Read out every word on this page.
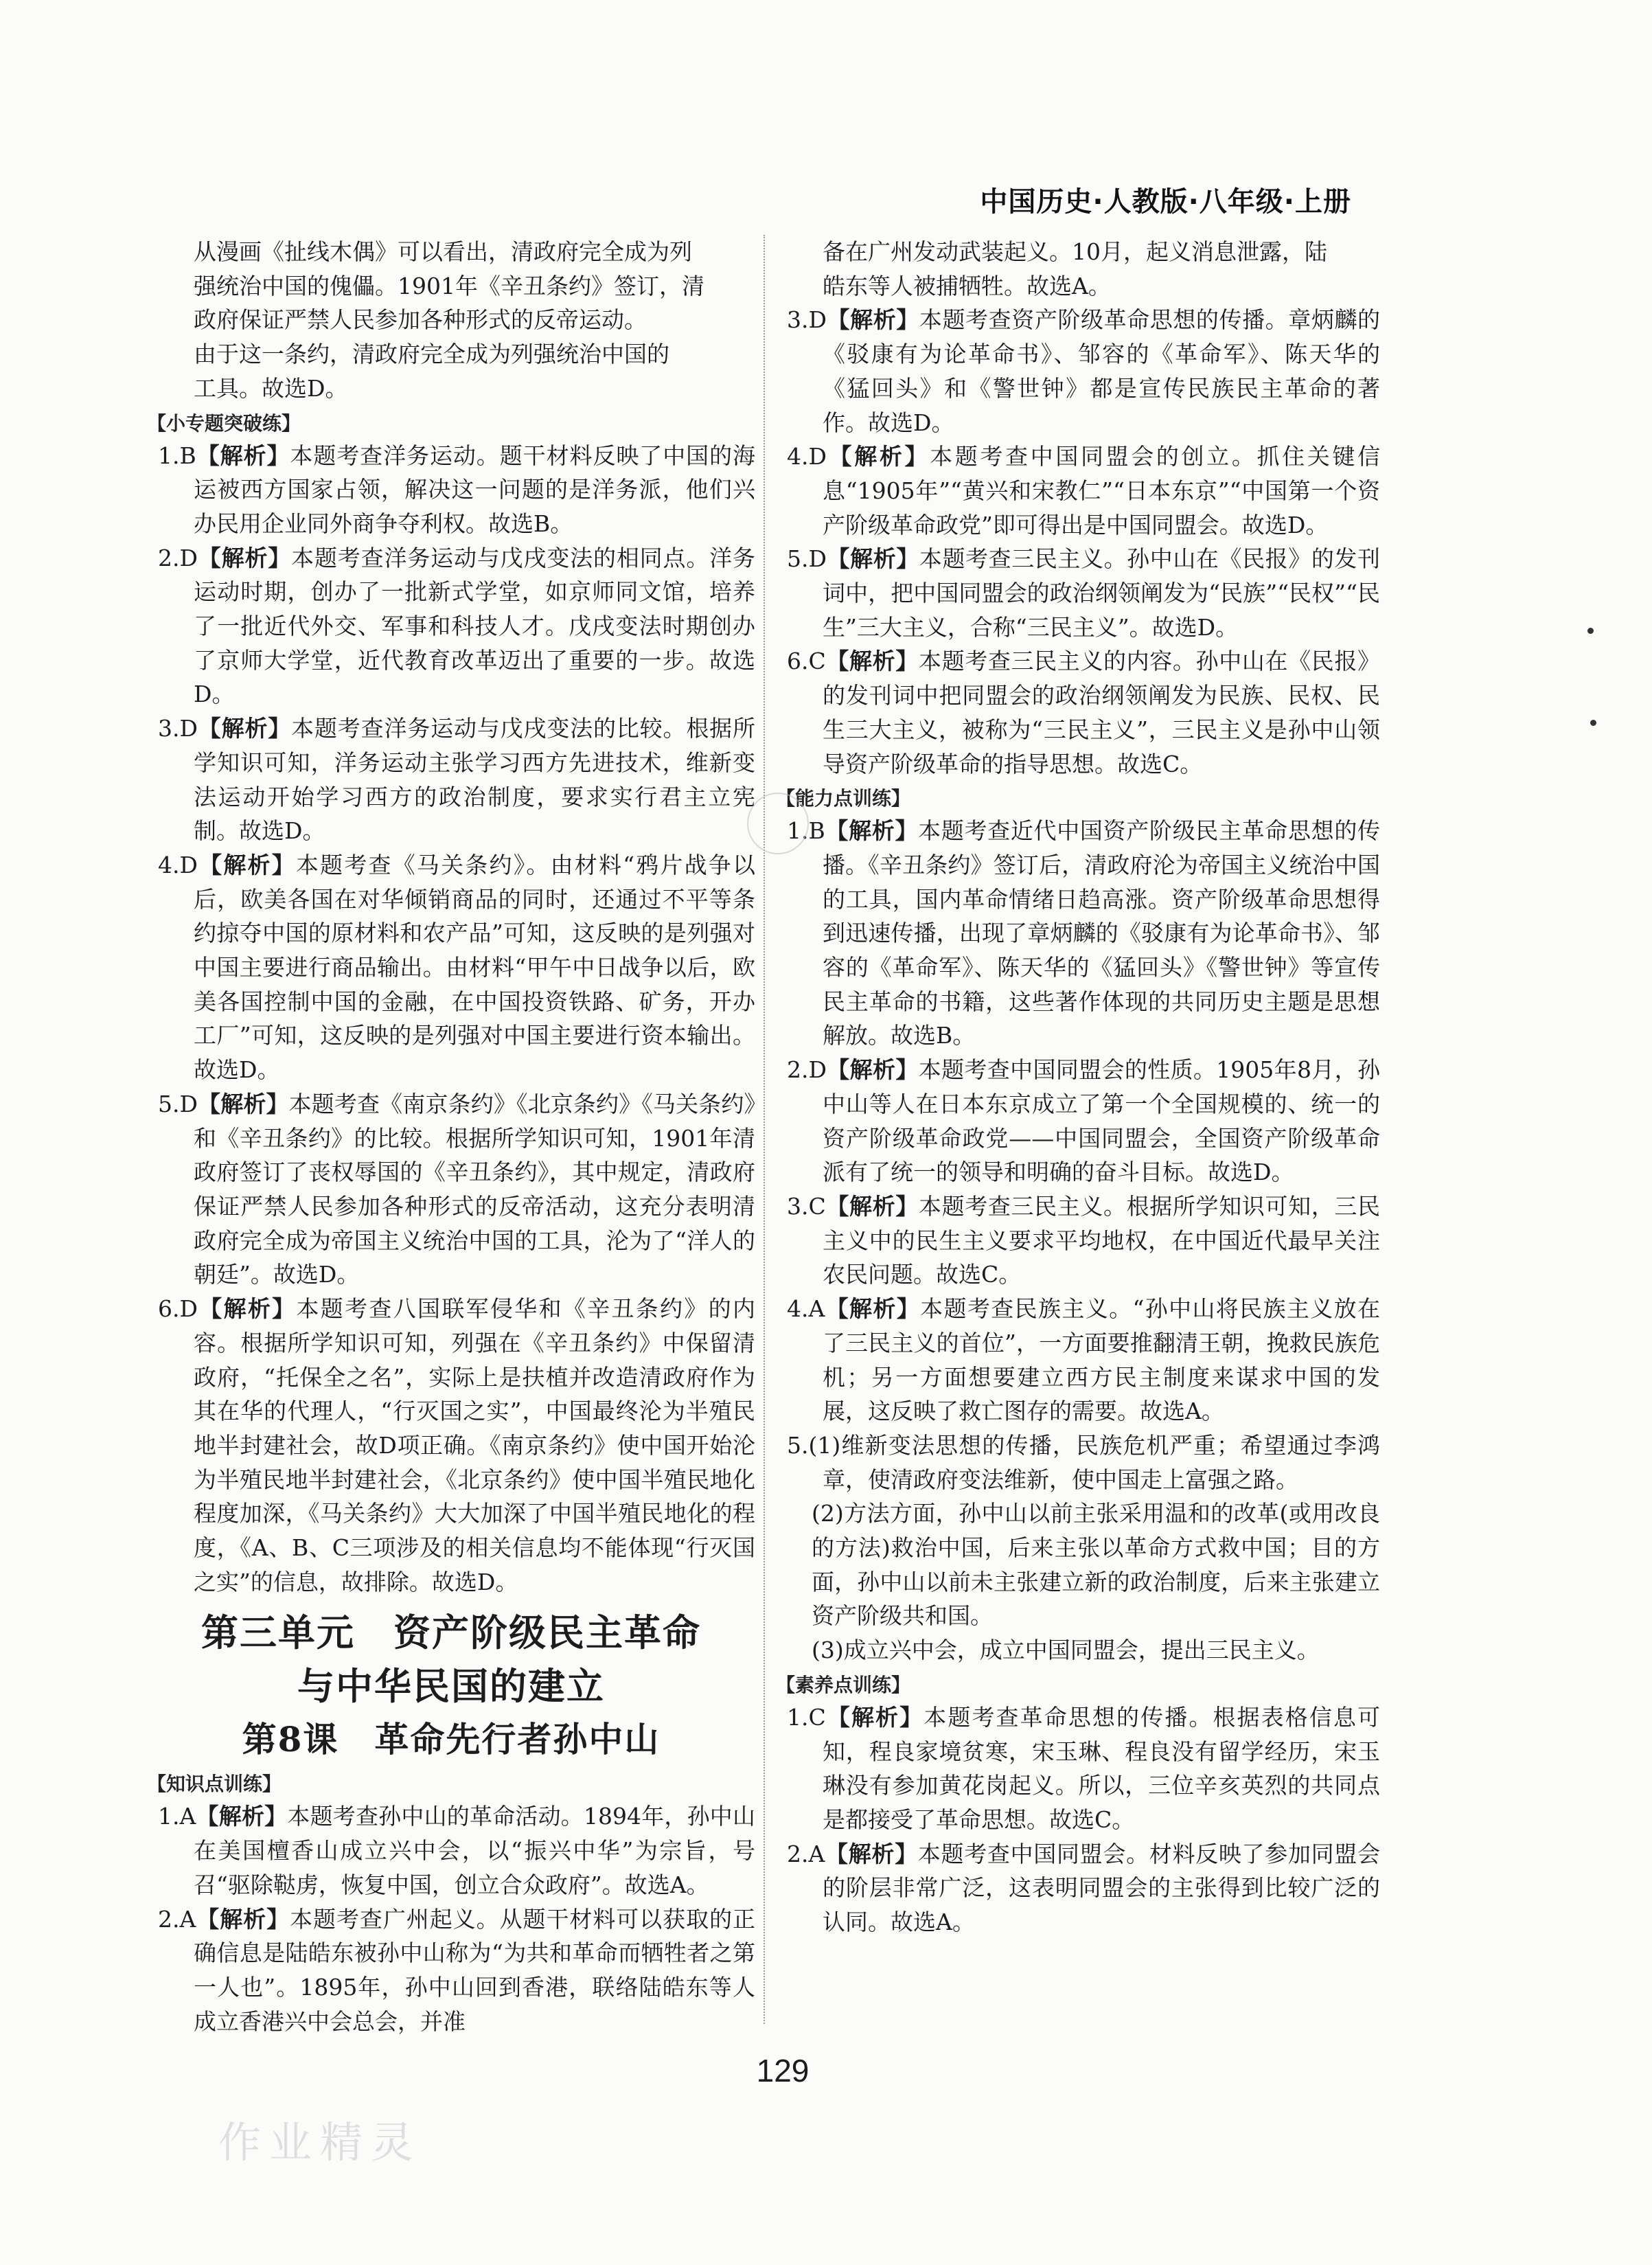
中国历史·人教版·八年级·上册
从漫画《扯线木偶》可以看出，清政府完全成为列
强统治中国的傀儡。1901年《辛丑条约》签订，清
政府保证严禁人民参加各种形式的反帝运动。
由于这一条约，清政府完全成为列强统治中国的
工具。故选D。
【小专题突破练】
1.B【解析】本题考查洋务运动。题干材料反映了中国的海运被西方国家占领，解决这一问题的是洋务派，他们兴办民用企业同外商争夺利权。故选B。
2.D【解析】本题考查洋务运动与戊戌变法的相同点。洋务运动时期，创办了一批新式学堂，如京师同文馆，培养了一批近代外交、军事和科技人才。戊戌变法时期创办了京师大学堂，近代教育改革迈出了重要的一步。故选D。
3.D【解析】本题考查洋务运动与戊戌变法的比较。根据所学知识可知，洋务运动主张学习西方先进技术，维新变法运动开始学习西方的政治制度，要求实行君主立宪制。故选D。
4.D【解析】本题考查《马关条约》。由材料“鸦片战争以后，欧美各国在对华倾销商品的同时，还通过不平等条约掠夺中国的原材料和农产品”可知，这反映的是列强对中国主要进行商品输出。由材料“甲午中日战争以后，欧美各国控制中国的金融，在中国投资铁路、矿务，开办工厂”可知，这反映的是列强对中国主要进行资本输出。故选D。
5.D【解析】本题考查《南京条约》《北京条约》《马关条约》和《辛丑条约》的比较。根据所学知识可知，1901年清政府签订了丧权辱国的《辛丑条约》，其中规定，清政府保证严禁人民参加各种形式的反帝活动，这充分表明清政府完全成为帝国主义统治中国的工具，沦为了“洋人的朝廷”。故选D。
6.D【解析】本题考查八国联军侵华和《辛丑条约》的内容。根据所学知识可知，列强在《辛丑条约》中保留清政府，“托保全之名”，实际上是扶植并改造清政府作为其在华的代理人，“行灭国之实”，中国最终沦为半殖民地半封建社会，故D项正确。《南京条约》使中国开始沦为半殖民地半封建社会，《北京条约》使中国半殖民地化程度加深，《马关条约》大大加深了中国半殖民地化的程度，《A、B、C三项涉及的相关信息均不能体现“行灭国之实”的信息，故排除。故选D。
第三单元　资产阶级民主革命
与中华民国的建立
第8课　革命先行者孙中山
【知识点训练】
1.A【解析】本题考查孙中山的革命活动。1894年，孙中山在美国檀香山成立兴中会，以“振兴中华”为宗旨，号召“驱除鞑虏，恢复中国，创立合众政府”。故选A。
2.A【解析】本题考查广州起义。从题干材料可以获取的正确信息是陆皓东被孙中山称为“为共和革命而牺牲者之第一人也”。1895年，孙中山回到香港，联络陆皓东等人成立香港兴中会总会，并准
备在广州发动武装起义。10月，起义消息泄露，陆
皓东等人被捕牺牲。故选A。
3.D【解析】本题考查资产阶级革命思想的传播。章炳麟的《驳康有为论革命书》、邹容的《革命军》、陈天华的《猛回头》和《警世钟》都是宣传民族民主革命的著作。故选D。
4.D【解析】本题考查中国同盟会的创立。抓住关键信息“1905年”“黄兴和宋教仁”“日本东京”“中国第一个资产阶级革命政党”即可得出是中国同盟会。故选D。
5.D【解析】本题考查三民主义。孙中山在《民报》的发刊词中，把中国同盟会的政治纲领阐发为“民族”“民权”“民生”三大主义，合称“三民主义”。故选D。
6.C【解析】本题考查三民主义的内容。孙中山在《民报》的发刊词中把同盟会的政治纲领阐发为民族、民权、民生三大主义，被称为“三民主义”，三民主义是孙中山领导资产阶级革命的指导思想。故选C。
【能力点训练】
1.B【解析】本题考查近代中国资产阶级民主革命思想的传播。《辛丑条约》签订后，清政府沦为帝国主义统治中国的工具，国内革命情绪日趋高涨。资产阶级革命思想得到迅速传播，出现了章炳麟的《驳康有为论革命书》、邹容的《革命军》、陈天华的《猛回头》《警世钟》等宣传民主革命的书籍，这些著作体现的共同历史主题是思想解放。故选B。
2.D【解析】本题考查中国同盟会的性质。1905年8月，孙中山等人在日本东京成立了第一个全国规模的、统一的资产阶级革命政党——中国同盟会，全国资产阶级革命派有了统一的领导和明确的奋斗目标。故选D。
3.C【解析】本题考查三民主义。根据所学知识可知，三民主义中的民生主义要求平均地权，在中国近代最早关注农民问题。故选C。
4.A【解析】本题考查民族主义。“孙中山将民族主义放在了三民主义的首位”，一方面要推翻清王朝，挽救民族危机；另一方面想要建立西方民主制度来谋求中国的发展，这反映了救亡图存的需要。故选A。
5.(1)维新变法思想的传播，民族危机严重；希望通过李鸿章，使清政府变法维新，使中国走上富强之路。
(2)方法方面，孙中山以前主张采用温和的改革(或用改良的方法)救治中国，后来主张以革命方式救中国；目的方面，孙中山以前未主张建立新的政治制度，后来主张建立资产阶级共和国。
(3)成立兴中会，成立中国同盟会，提出三民主义。
【素养点训练】
1.C【解析】本题考查革命思想的传播。根据表格信息可知，程良家境贫寒，宋玉琳、程良没有留学经历，宋玉琳没有参加黄花岗起义。所以，三位辛亥英烈的共同点是都接受了革命思想。故选C。
2.A【解析】本题考查中国同盟会。材料反映了参加同盟会的阶层非常广泛，这表明同盟会的主张得到比较广泛的认同。故选A。
129
作业精灵
